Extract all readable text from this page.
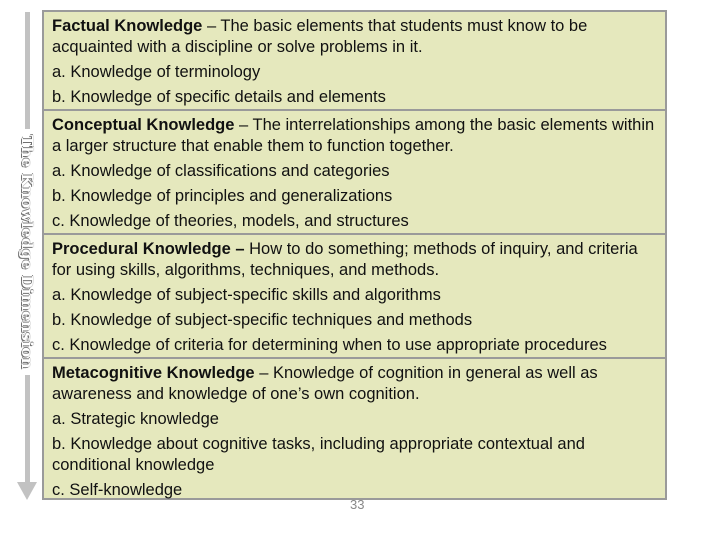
The Knowledge Dimension
Factual Knowledge – The basic elements that students must know to be acquainted with a discipline or solve problems in it.
a. Knowledge of terminology
b. Knowledge of specific details and elements
Conceptual Knowledge – The interrelationships among the basic elements within a larger structure that enable them to function together.
a. Knowledge of classifications and categories
b. Knowledge of principles and generalizations
c. Knowledge of theories, models, and structures
Procedural Knowledge – How to do something; methods of inquiry, and criteria for using skills, algorithms, techniques, and methods.
a. Knowledge of subject-specific skills and algorithms
b. Knowledge of subject-specific techniques and methods
c. Knowledge of criteria for determining when to use appropriate procedures
Metacognitive Knowledge – Knowledge of cognition in general as well as awareness and knowledge of one’s own cognition.
a. Strategic knowledge
b. Knowledge about cognitive tasks, including appropriate contextual and conditional knowledge
c. Self-knowledge
33
